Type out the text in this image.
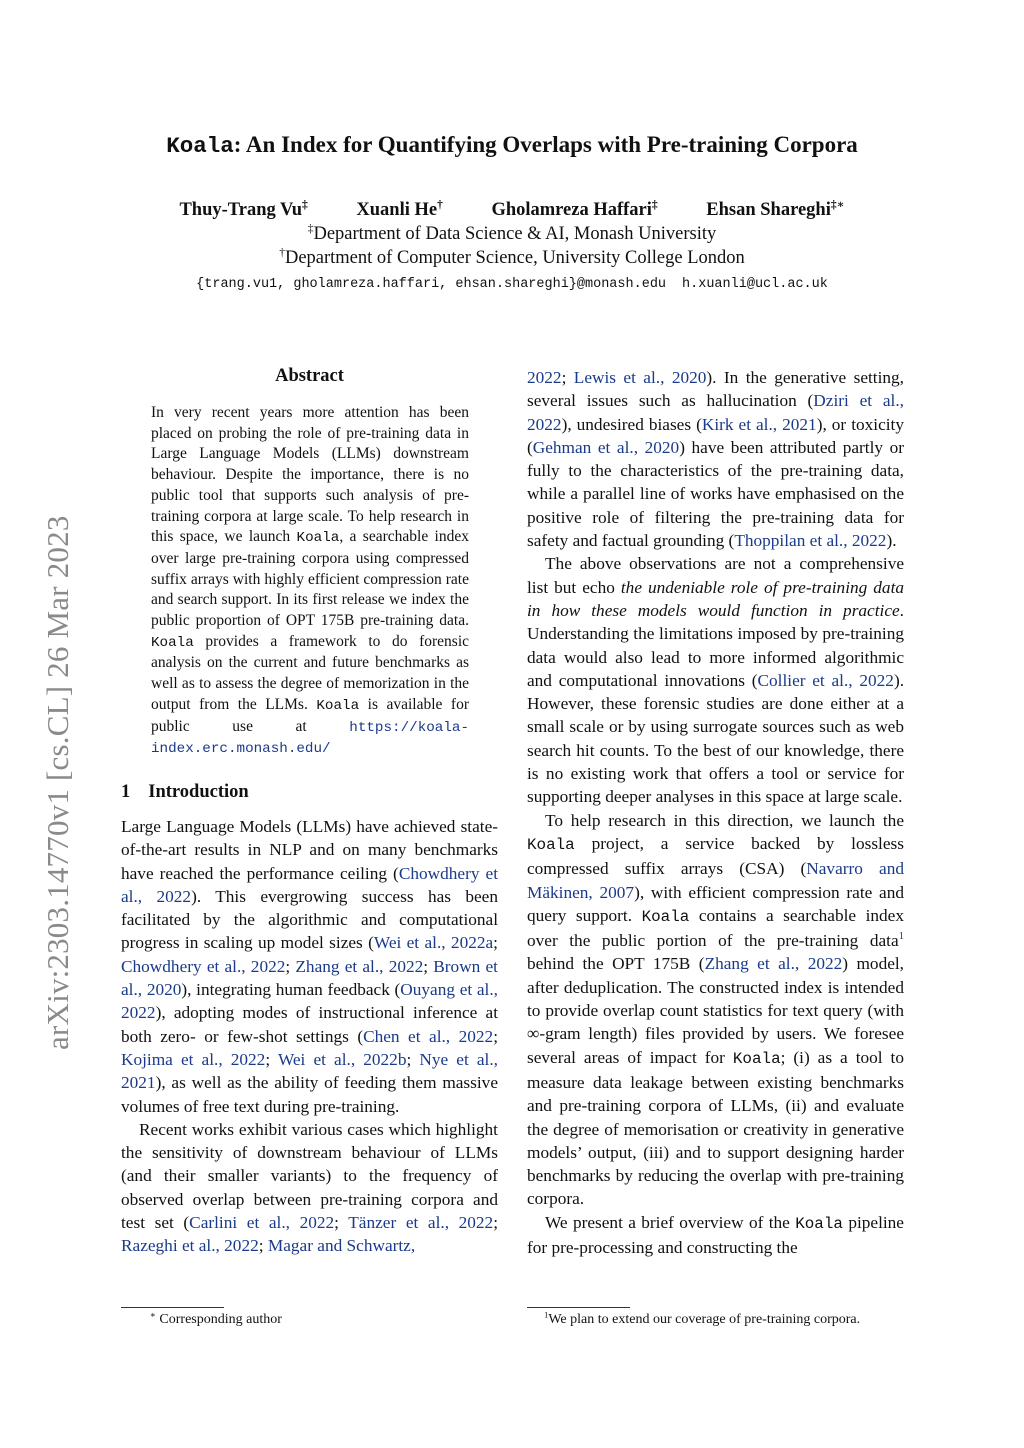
arXiv:2303.14770v1 [cs.CL] 26 Mar 2023
Koala: An Index for Quantifying Overlaps with Pre-training Corpora
Thuy-Trang Vu‡	Xuanli He†	Gholamreza Haffari‡	Ehsan Shareghi‡∗
‡Department of Data Science & AI, Monash University
†Department of Computer Science, University College London
{trang.vu1, gholamreza.haffari, ehsan.shareghi}@monash.edu h.xuanli@ucl.ac.uk
Abstract

In very recent years more attention has been placed on probing the role of pre-training data in Large Language Models (LLMs) downstream behaviour. Despite the importance, there is no public tool that supports such analysis of pre-training corpora at large scale. To help research in this space, we launch Koala, a searchable index over large pre-training corpora using compressed suffix arrays with highly efficient compression rate and search support. In its first release we index the public proportion of OPT 175B pre-training data. Koala provides a framework to do forensic analysis on the current and future benchmarks as well as to assess the degree of memorization in the output from the LLMs. Koala is available for public use at	https://koala-index.erc.monash.edu/

1 Introduction

Large Language Models (LLMs) have achieved state-of-the-art results in NLP and on many benchmarks have reached the performance ceiling (Chowdhery et al., 2022). This evergrowing success has been facilitated by the algorithmic and computational progress in scaling up model sizes (Wei et al., 2022a; Chowdhery et al., 2022; Zhang et al., 2022; Brown et al., 2020), integrating human feedback (Ouyang et al., 2022), adopting modes of instructional inference at both zero- or few-shot settings (Chen et al., 2022; Kojima et al., 2022; Wei et al., 2022b; Nye et al., 2021), as well as the ability of feeding them massive volumes of free text during pre-training.

Recent works exhibit various cases which highlight the sensitivity of downstream behaviour of LLMs (and their smaller variants) to the frequency of observed overlap between pre-training corpora and test set (Carlini et al., 2022; Tänzer et al., 2022; Razeghi et al., 2022; Magar and Schwartz,

2022; Lewis et al., 2020). In the generative setting, several issues such as hallucination (Dziri et al., 2022), undesired biases (Kirk et al., 2021), or toxicity (Gehman et al., 2020) have been attributed partly or fully to the characteristics of the pre-training data, while a parallel line of works have emphasised on the positive role of filtering the pre-training data for safety and factual grounding (Thoppilan et al., 2022).

The above observations are not a comprehensive list but echo the undeniable role of pre-training data in how these models would function in practice. Understanding the limitations imposed by pre-training data would also lead to more informed algorithmic and computational innovations (Collier et al., 2022). However, these forensic studies are done either at a small scale or by using surrogate sources such as web search hit counts. To the best of our knowledge, there is no existing work that offers a tool or service for supporting deeper analyses in this space at large scale.

To help research in this direction, we launch the Koala project, a service backed by lossless compressed suffix arrays (CSA) (Navarro and Mäkinen, 2007), with efficient compression rate and query support. Koala contains a searchable index over the public portion of the pre-training data$^1$ behind the OPT 175B (Zhang et al., 2022) model, after deduplication. The constructed index is intended to provide overlap count statistics for text query (with ∞-gram length) files provided by users. We foresee several areas of impact for Koala; (i) as a tool to measure data leakage between existing benchmarks and pre-training corpora of LLMs, (ii) and evaluate the degree of memorisation or creativity in generative models’ output, (iii) and to support designing harder benchmarks by reducing the overlap with pre-training corpora.

We present a brief overview of the Koala pipeline for pre-processing and constructing the

∗ Corresponding author	$^1$We plan to extend our coverage of pre-training corpora.
